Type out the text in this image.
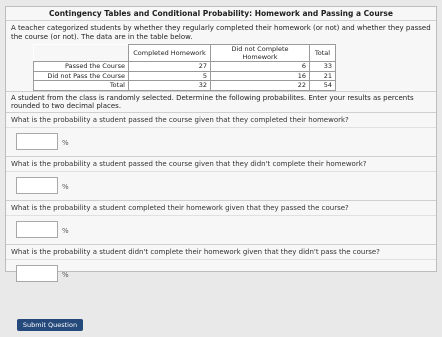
Contingency Tables and Conditional Probability: Homework and Passing a Course
A teacher categorized students by whether they regularly completed their homework (or not) and whether they passed the course (or not). The data are in the table below.
	Completed Homework	Did not Complete Homework	Total
Passed the Course	27	6	33
Did not Pass the Course	5	16	21
Total	32	22	54
A student from the class is randomly selected. Determine the following probabilites. Enter your results as percents rounded to two decimal places.
What is the probability a student passed the course given that they completed their homework?
%
What is the probability a student passed the course given that they didn't complete their homework?
%
What is the probability a student completed their homework given that they passed the course?
%
What is the probability a student didn't complete their homework given that they didn't pass the course?
%
Submit Question
